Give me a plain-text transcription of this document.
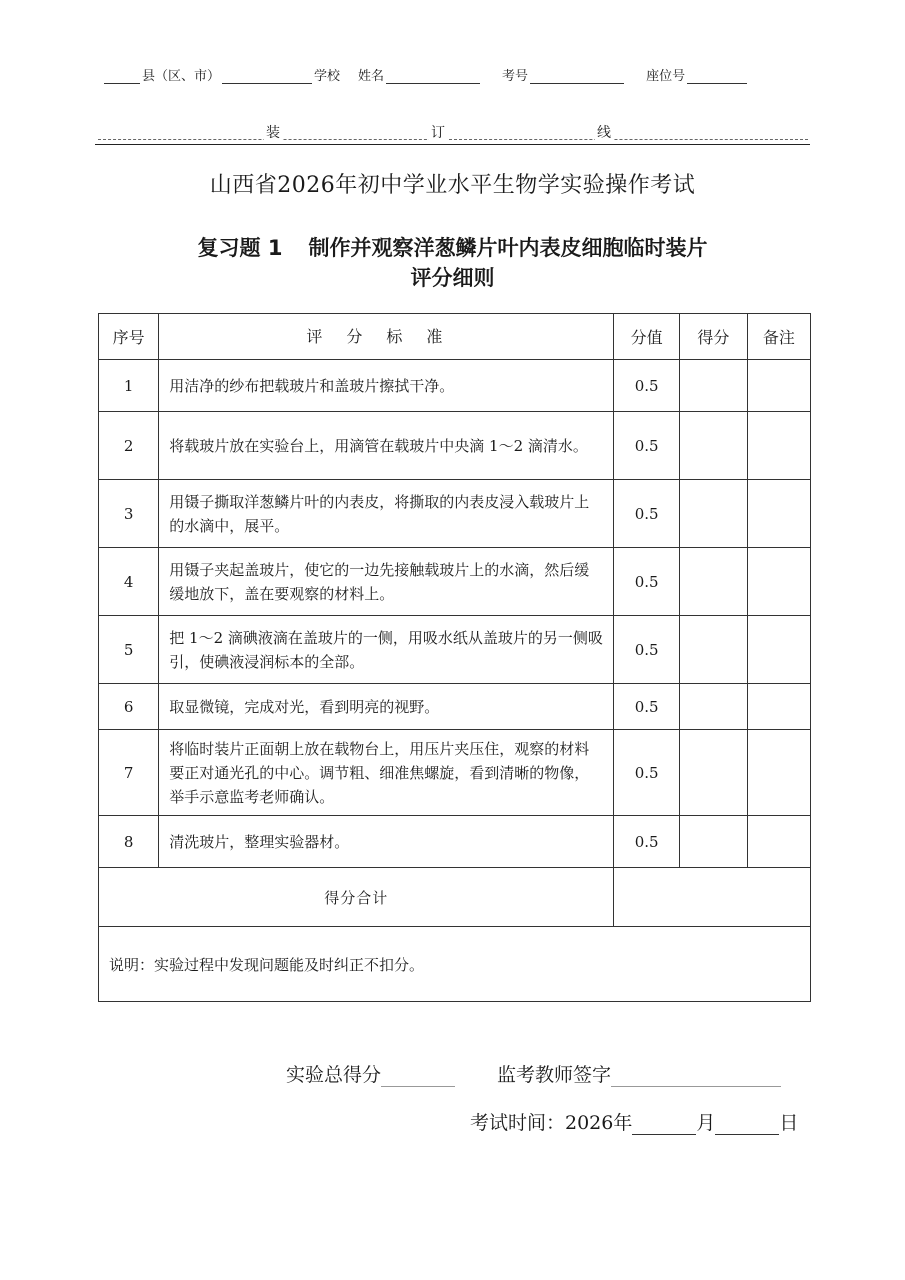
县（区、市）	学校 姓名	考号	座位号
装	订	线
山西省2026年初中学业水平生物学实验操作考试
复习题 1 制作并观察洋葱鳞片叶内表皮细胞临时装片
评分细则
序号	评分标准	分值	得分	备注
1	用洁净的纱布把载玻片和盖玻片擦拭干净。	0.5		
2	将载玻片放在实验台上，用滴管在载玻片中央滴 1～2 滴清水。	0.5		
3	用镊子撕取洋葱鳞片叶的内表皮，将撕取的内表皮浸入载玻片上的水滴中，展平。	0.5		
4	用镊子夹起盖玻片，使它的一边先接触载玻片上的水滴，然后缓缓地放下，盖在要观察的材料上。	0.5		
5	把 1～2 滴碘液滴在盖玻片的一侧，用吸水纸从盖玻片的另一侧吸引，使碘液浸润标本的全部。	0.5		
6	取显微镜，完成对光，看到明亮的视野。	0.5		
7	将临时装片正面朝上放在载物台上，用压片夹压住，观察的材料要正对通光孔的中心。调节粗、细准焦螺旋，看到清晰的物像，举手示意监考老师确认。	0.5		
8	清洗玻片，整理实验器材。	0.5		
得分合计				
说明：实验过程中发现问题能及时纠正不扣分。				
实验总得分	监考教师签字
考试时间：2026年	月	日
